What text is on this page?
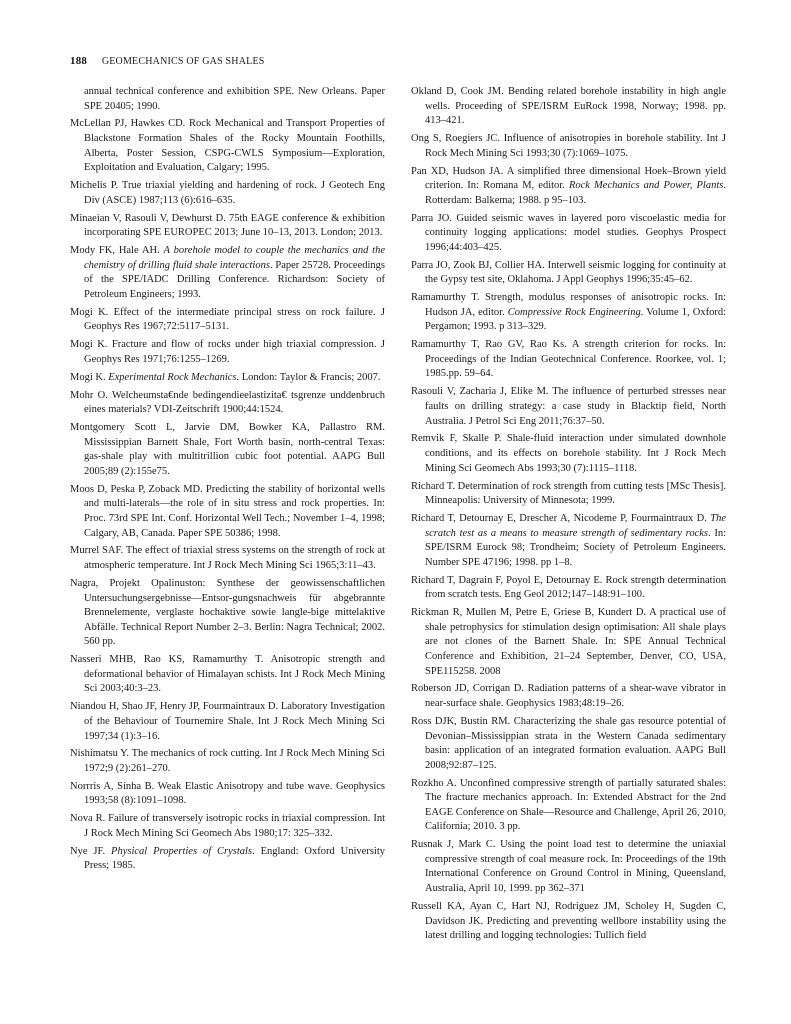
188 GEOMECHANICS OF GAS SHALES

annual technical conference and exhibition SPE. New Orleans. Paper SPE 20405; 1990.

McLellan PJ, Hawkes CD. Rock Mechanical and Transport Properties of Blackstone Formation Shales of the Rocky Mountain Foothills, Alberta, Poster Session, CSPG-CWLS Symposium—Exploration, Exploitation and Evaluation, Calgary; 1995.

Michelis P. True triaxial yielding and hardening of rock. J Geotech Eng Div (ASCE) 1987;113 (6):616–635.

Minaeian V, Rasouli V, Dewhurst D. 75th EAGE conference & exhibition incorporating SPE EUROPEC 2013; June 10–13, 2013. London; 2013.

Mody FK, Hale AH. A borehole model to couple the mechanics and the chemistry of drilling fluid shale interactions. Paper 25728. Proceedings of the SPE/IADC Drilling Conference. Richardson: Society of Petroleum Engineers; 1993.

Mogi K. Effect of the intermediate principal stress on rock failure. J Geophys Res 1967;72:5117–5131.

Mogi K. Fracture and flow of rocks under high triaxial compression. J Geophys Res 1971;76:1255–1269.

Mogi K. Experimental Rock Mechanics. London: Taylor & Francis; 2007.

Mohr O. Welcheumsta€nde bedingendieelastizita€ tsgrenze unddenbruch eines materials? VDI-Zeitschrift 1900;44:1524.

Montgomery Scott L, Jarvie DM, Bowker KA, Pallastro RM. Mississippian Barnett Shale, Fort Worth basin, north-central Texas: gas-shale play with multitrillion cubic foot potential. AAPG Bull 2005;89 (2):155e75.

Moos D, Peska P, Zoback MD. Predicting the stability of horizontal wells and multi-laterals—the role of in situ stress and rock properties. In: Proc. 73rd SPE Int. Conf. Horizontal Well Tech.; November 1–4, 1998; Calgary, AB, Canada. Paper SPE 50386; 1998.

Murrel SAF. The effect of triaxial stress systems on the strength of rock at atmospheric temperature. Int J Rock Mech Mining Sci 1965;3:11–43.

Nagra, Projekt Opalinuston: Synthese der geowissenschaftlichen Untersuchungsergebnisse—Entsor-gungsnachweis für abgebrannte Brennelemente, verglaste hochaktive sowie langle-bige mittelaktive Abfälle. Technical Report Number 2–3. Berlin: Nagra Technical; 2002. 560 pp.

Nasseri MHB, Rao KS, Ramamurthy T. Anisotropic strength and deformational behavior of Himalayan schists. Int J Rock Mech Mining Sci 2003;40:3–23.

Niandou H, Shao JF, Henry JP, Fourmaintraux D. Laboratory Investigation of the Behaviour of Tournemire Shale. Int J Rock Mech Mining Sci 1997;34 (1):3–16.

Nishimatsu Y. The mechanics of rock cutting. Int J Rock Mech Mining Sci 1972;9 (2):261–270.

Norrris A, Sinha B. Weak Elastic Anisotropy and tube wave. Geophysics 1993;58 (8):1091–1098.

Nova R. Failure of transversely isotropic rocks in triaxial compression. Int J Rock Mech Mining Sci Geomech Abs 1980;17: 325–332.

Nye JF. Physical Properties of Crystals. England: Oxford University Press; 1985.

Okland D, Cook JM. Bending related borehole instability in high angle wells. Proceeding of SPE/ISRM EuRock 1998, Norway; 1998. pp. 413–421.

Ong S, Roegiers JC. Influence of anisotropies in borehole stability. Int J Rock Mech Mining Sci 1993;30 (7):1069–1075.

Pan XD, Hudson JA. A simplified three dimensional Hoek–Brown yield criterion. In: Romana M, editor. Rock Mechanics and Power, Plants. Rotterdam: Balkema; 1988. p 95–103.

Parra JO. Guided seismic waves in layered poro viscoelastic media for continuity logging applications: model studies. Geophys Prospect 1996;44:403–425.

Parra JO, Zook BJ, Collier HA. Interwell seismic logging for continuity at the Gypsy test site, Oklahoma. J Appl Geophys 1996;35:45–62.

Ramamurthy T. Strength, modulus responses of anisotropic rocks. In: Hudson JA, editor. Compressive Rock Engineering. Volume 1, Oxford: Pergamon; 1993. p 313–329.

Ramamurthy T, Rao GV, Rao Ks. A strength criterion for rocks. In: Proceedings of the Indian Geotechnical Conference. Roorkee, vol. 1; 1985.pp. 59–64.

Rasouli V, Zacharia J, Elike M. The influence of perturbed stresses near faults on drilling strategy: a case study in Blacktip field, North Australia. J Petrol Sci Eng 2011;76:37–50.

Remvik F, Skalle P. Shale-fluid interaction under simulated downhole conditions, and its effects on borehole stability. Int J Rock Mech Mining Sci Geomech Abs 1993;30 (7):1115–1118.

Richard T. Determination of rock strength from cutting tests [MSc Thesis]. Minneapolis: University of Minnesota; 1999.

Richard T, Detournay E, Drescher A, Nicodeme P, Fourmaintraux D. The scratch test as a means to measure strength of sedimentary rocks. In: SPE/ISRM Eurock 98; Trondheim; Society of Petroleum Engineers. Number SPE 47196; 1998. pp 1–8.

Richard T, Dagrain F, Poyol E, Detournay E. Rock strength determination from scratch tests. Eng Geol 2012;147–148:91–100.

Rickman R, Mullen M, Petre E, Griese B, Kundert D. A practical use of shale petrophysics for stimulation design optimisation: All shale plays are not clones of the Barnett Shale. In: SPE Annual Technical Conference and Exhibition, 21–24 September, Denver, CO, USA, SPE115258. 2008

Roberson JD, Corrigan D. Radiation patterns of a shear-wave vibrator in near-surface shale. Geophysics 1983;48:19–26.

Ross DJK, Bustin RM. Characterizing the shale gas resource potential of Devonian–Mississippian strata in the Western Canada sedimentary basin: application of an integrated formation evaluation. AAPG Bull 2008;92:87–125.

Rozkho A. Unconfined compressive strength of partially saturated shales: The fracture mechanics approach. In: Extended Abstract for the 2nd EAGE Conference on Shale—Resource and Challenge, April 26, 2010, California; 2010. 3 pp.

Rusnak J, Mark C. Using the point load test to determine the uniaxial compressive strength of coal measure rock. In: Proceedings of the 19th International Conference on Ground Control in Mining, Queensland, Australia, April 10, 1999. pp 362–371

Russell KA, Ayan C, Hart NJ, Rodriguez JM, Scholey H, Sugden C, Davidson JK. Predicting and preventing wellbore instability using the latest drilling and logging technologies: Tullich field
